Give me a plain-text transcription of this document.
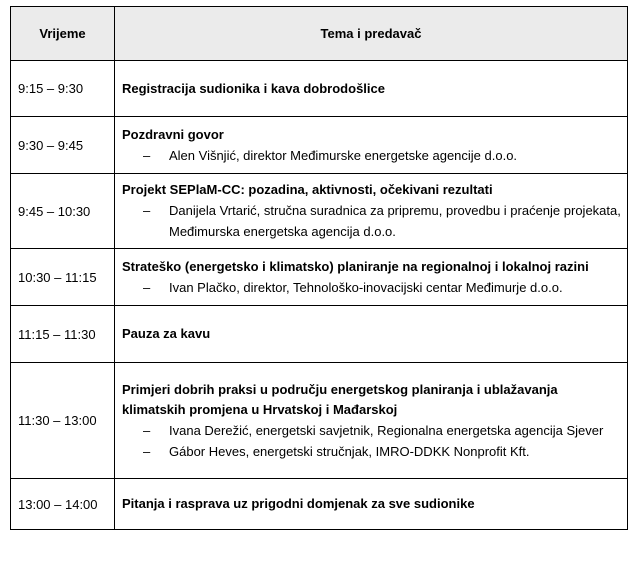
Vrijeme	Tema i predavač
9:15 – 9:30	Registracija sudionika i kava dobrodošlice

9:30 – 9:45	Pozdravni govor
– Alen Višnjić, direktor Međimurske energetske agencije d.o.o.

9:45 – 10:30	Projekt SEPlaM-CC: pozadina, aktivnosti, očekivani rezultati
– Danijela Vrtarić, stručna suradnica za pripremu, provedbu i praćenje projekata, Međimurska energetska agencija d.o.o.

10:30 – 11:15	Strateško (energetsko i klimatsko) planiranje na regionalnoj i lokalnoj razini
– Ivan Plačko, direktor, Tehnološko-inovacijski centar Međimurje d.o.o.

11:15 – 11:30	Pauza za kavu

11:30 – 13:00	Primjeri dobrih praksi u području energetskog planiranja i ublažavanja klimatskih promjena u Hrvatskoj i Mađarskoj
– Ivana Derežić, energetski savjetnik, Regionalna energetska agencija Sjever
– Gábor Heves, energetski stručnjak, IMRO-DDKK Nonprofit Kft.

13:00 – 14:00	Pitanja i rasprava uz prigodni domjenak za sve sudionike
